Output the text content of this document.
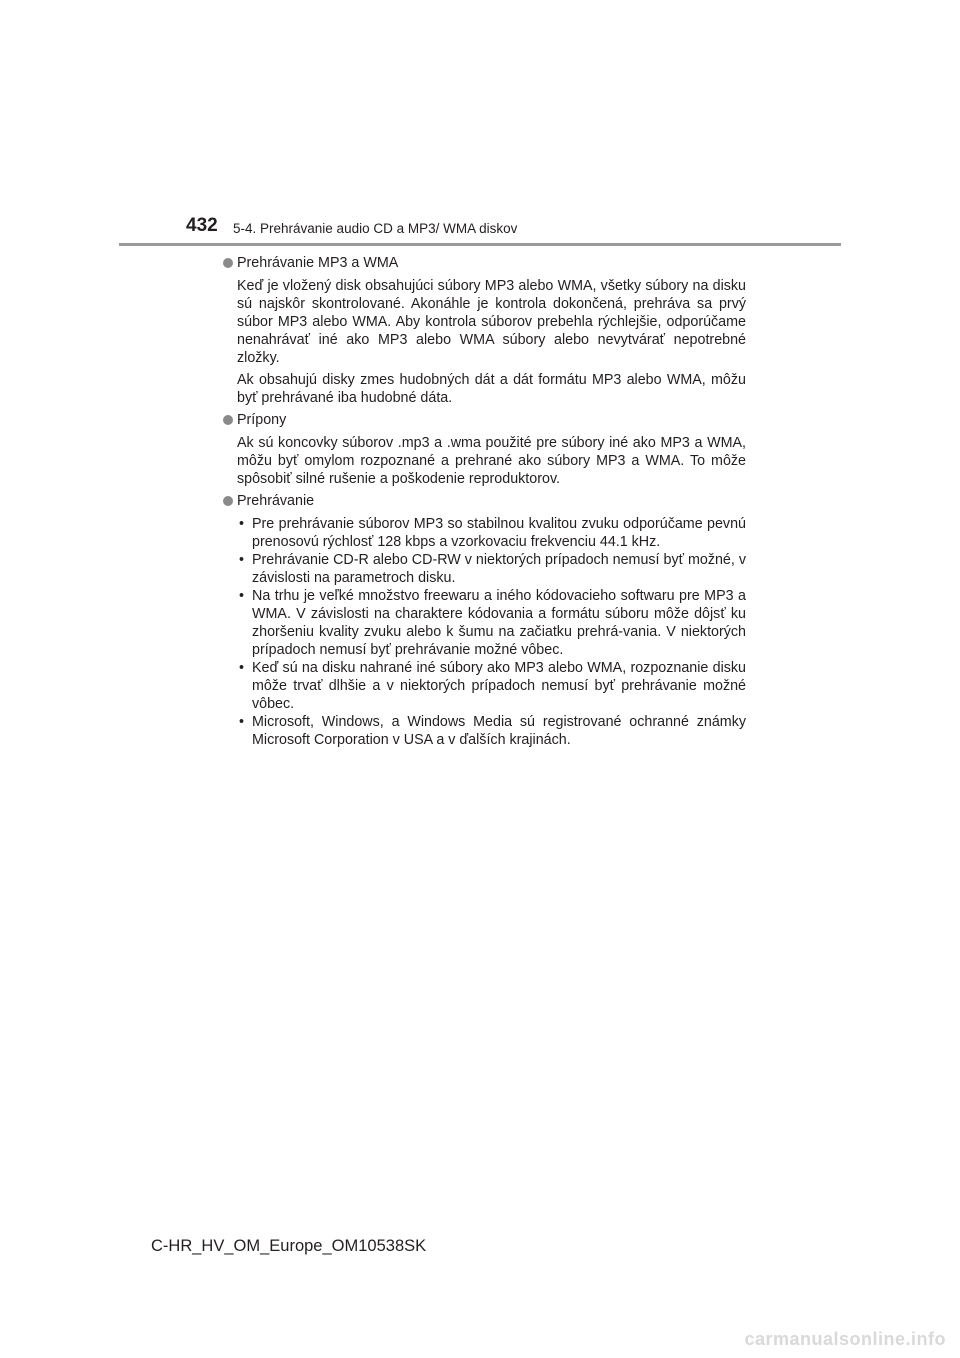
432 5-4. Prehrávanie audio CD a MP3/ WMA diskov
Prehrávanie MP3 a WMA

Keď je vložený disk obsahujúci súbory MP3 alebo WMA, všetky súbory na disku sú najskôr skontrolované. Akonáhle je kontrola dokončená, prehráva sa prvý súbor MP3 alebo WMA. Aby kontrola súborov prebehla rýchlejšie, odporúčame nenahrávať iné ako MP3 alebo WMA súbory alebo nevytvárať nepotrebné zložky.

Ak obsahujú disky zmes hudobných dát a dát formátu MP3 alebo WMA, môžu byť prehrávané iba hudobné dáta.

Prípony

Ak sú koncovky súborov .mp3 a .wma použité pre súbory iné ako MP3 a WMA, môžu byť omylom rozpoznané a prehrané ako súbory MP3 a WMA. To môže spôsobiť silné rušenie a poškodenie reproduktorov.

Prehrávanie
• Pre prehrávanie súborov MP3 so stabilnou kvalitou zvuku odporúčame pevnú prenosovú rýchlosť 128 kbps a vzorkovaciu frekvenciu 44.1 kHz.
• Prehrávanie CD-R alebo CD-RW v niektorých prípadoch nemusí byť možné, v závislosti na parametroch disku.
• Na trhu je veľké množstvo freewaru a iného kódovacieho softwaru pre MP3 a WMA. V závislosti na charaktere kódovania a formátu súboru môže dôjsť ku zhoršeniu kvality zvuku alebo k šumu na začiatku prehrá-vania. V niektorých prípadoch nemusí byť prehrávanie možné vôbec.
• Keď sú na disku nahrané iné súbory ako MP3 alebo WMA, rozpoznanie disku môže trvať dlhšie a v niektorých prípadoch nemusí byť prehrávanie možné vôbec.
• Microsoft, Windows, a Windows Media sú registrované ochranné známky Microsoft Corporation v USA a v ďalších krajinách.
C-HR_HV_OM_Europe_OM10538SK
carmanualsonline.info
